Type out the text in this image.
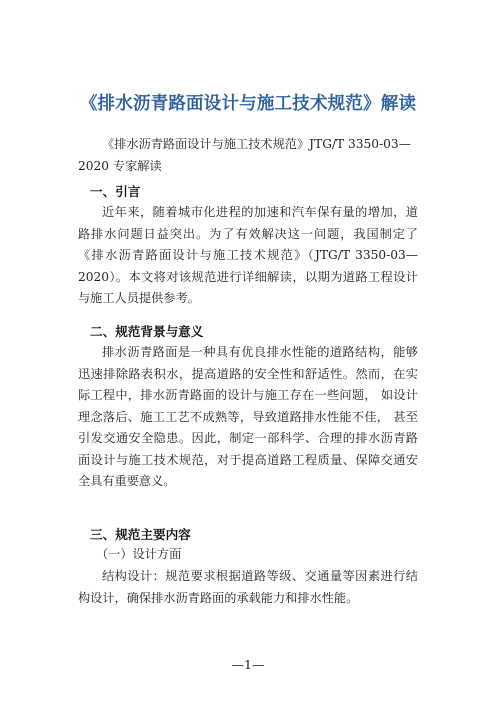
《排水沥青路面设计与施工技术规范》解读
《排水沥青路面设计与施工技术规范》JTG/T 3350-03—2020 专家解读
一、引言
近年来，随着城市化进程的加速和汽车保有量的增加，道路排水问题日益突出。为了有效解决这一问题，我国制定了《排水沥青路面设计与施工技术规范》（JTG/T 3350-03—2020）。本文将对该规范进行详细解读，以期为道路工程设计与施工人员提供参考。
二、规范背景与意义
排水沥青路面是一种具有优良排水性能的道路结构，能够迅速排除路表积水，提高道路的安全性和舒适性。然而，在实际工程中，排水沥青路面的设计与施工存在一些问题， 如设计理念落后、施工工艺不成熟等，导致道路排水性能不佳， 甚至引发交通安全隐患。因此，制定一部科学、合理的排水沥青路面设计与施工技术规范，对于提高道路工程质量、保障交通安全具有重要意义。
三、规范主要内容
（一）设计方面
结构设计：规范要求根据道路等级、交通量等因素进行结构设计，确保排水沥青路面的承载能力和排水性能。
—1—
